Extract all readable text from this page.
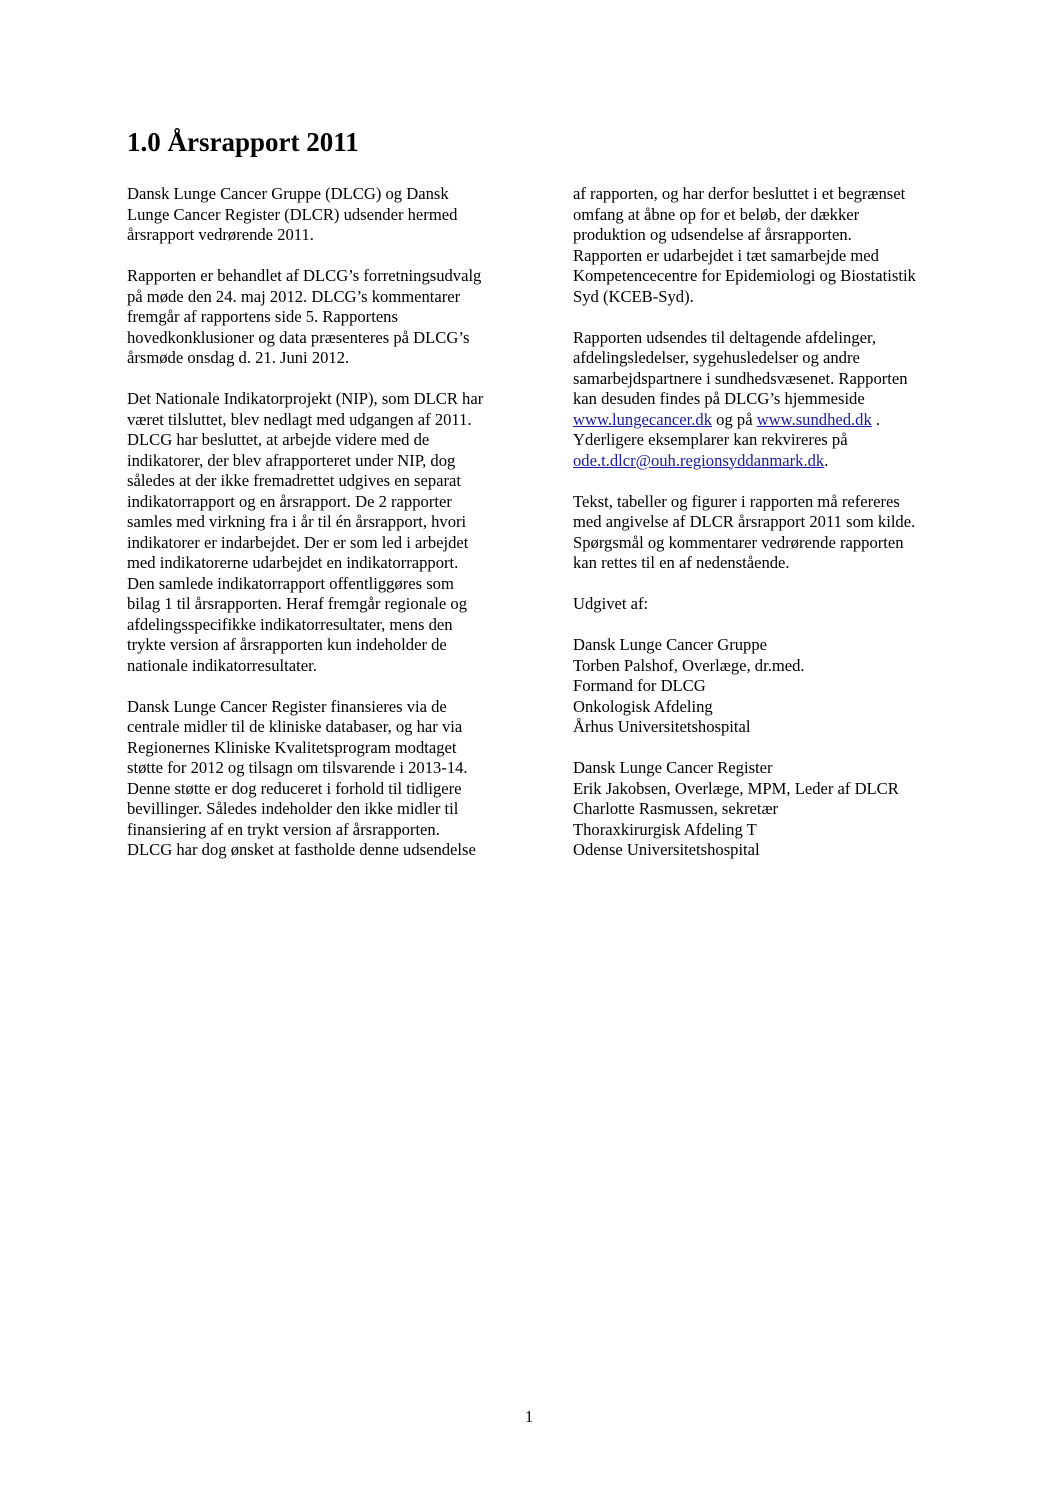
1.0 Årsrapport 2011
Dansk Lunge Cancer Gruppe (DLCG) og Dansk
Lunge Cancer Register (DLCR) udsender hermed
årsrapport vedrørende 2011.
Rapporten er behandlet af DLCG’s forretningsudvalg
på møde den 24. maj 2012. DLCG’s kommentarer
fremgår af rapportens side 5. Rapportens
hovedkonklusioner og data præsenteres på DLCG’s
årsmøde onsdag d. 21. Juni 2012.
Det Nationale Indikatorprojekt (NIP), som DLCR har
været tilsluttet, blev nedlagt med udgangen af 2011.
DLCG har besluttet, at arbejde videre med de
indikatorer, der blev afrapporteret under NIP, dog
således at der ikke fremadrettet udgives en separat
indikatorrapport og en årsrapport. De 2 rapporter
samles med virkning fra i år til én årsrapport, hvori
indikatorer er indarbejdet. Der er som led i arbejdet
med indikatorerne udarbejdet en indikatorrapport.
Den samlede indikatorrapport offentliggøres som
bilag 1 til årsrapporten. Heraf fremgår regionale og
afdelingsspecifikke indikatorresultater, mens den
trykte version af årsrapporten kun indeholder de
nationale indikatorresultater.
Dansk Lunge Cancer Register finansieres via de
centrale midler til de kliniske databaser, og har via
Regionernes Kliniske Kvalitetsprogram modtaget
støtte for 2012 og tilsagn om tilsvarende i 2013-14.
Denne støtte er dog reduceret i forhold til tidligere
bevillinger. Således indeholder den ikke midler til
finansiering af en trykt version af årsrapporten.
DLCG har dog ønsket at fastholde denne udsendelse
af rapporten, og har derfor besluttet i et begrænset
omfang at åbne op for et beløb, der dækker
produktion og udsendelse af årsrapporten.
Rapporten er udarbejdet i tæt samarbejde med
Kompetencecentre for Epidemiologi og Biostatistik
Syd (KCEB-Syd).
Rapporten udsendes til deltagende afdelinger,
afdelingsledelser, sygehusledelser og andre
samarbejdspartnere i sundhedsvæsenet. Rapporten
kan desuden findes på DLCG’s hjemmeside
www.lungecancer.dk og på www.sundhed.dk .
Yderligere eksemplarer kan rekvireres på
ode.t.dlcr@ouh.regionsyddanmark.dk.
Tekst, tabeller og figurer i rapporten må refereres
med angivelse af DLCR årsrapport 2011 som kilde.
Spørgsmål og kommentarer vedrørende rapporten
kan rettes til en af nedenstående.
Udgivet af:
Dansk Lunge Cancer Gruppe
Torben Palshof, Overlæge, dr.med.
Formand for DLCG
Onkologisk Afdeling
Århus Universitetshospital
Dansk Lunge Cancer Register
Erik Jakobsen, Overlæge, MPM, Leder af DLCR
Charlotte Rasmussen, sekretær
Thoraxkirurgisk Afdeling T
Odense Universitetshospital
1
